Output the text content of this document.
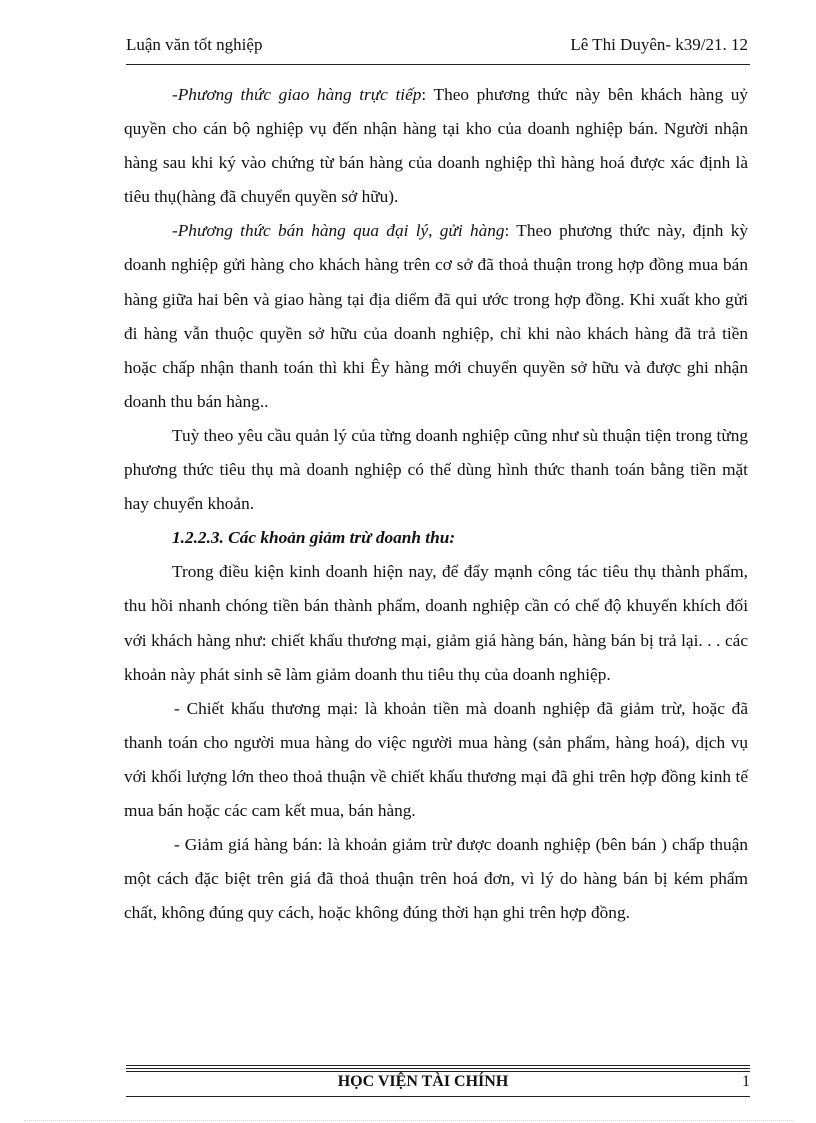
Luận văn tốt nghiệp	Lê Thi Duyên- k39/21. 12

-Phương thức giao hàng trực tiếp: Theo phương thức này bên khách hàng uỷ quyền cho cán bộ nghiệp vụ đến nhận hàng tại kho của doanh nghiệp bán. Người nhận hàng sau khi ký vào chứng từ bán hàng của doanh nghiệp thì hàng hoá được xác định là tiêu thụ(hàng đã chuyển quyền sở hữu).

-Phương thức bán hàng qua đại lý, gửi hàng: Theo phương thức này, định kỳ doanh nghiệp gửi hàng cho khách hàng trên cơ sở đã thoả thuận trong hợp đồng mua bán hàng giữa hai bên và giao hàng tại địa diểm đã qui ước trong hợp đồng. Khi xuất kho gửi đi hàng vẫn thuộc quyền sở hữu của doanh nghiệp, chỉ khi nào khách hàng đã trả tiền hoặc chấp nhận thanh toán thì khi Êy hàng mới chuyển quyền sở hữu và được ghi nhận doanh thu bán hàng..

Tuỳ theo yêu cầu quản lý của từng doanh nghiệp cũng như sù thuận tiện trong từng phương thức tiêu thụ mà doanh nghiệp có thể dùng hình thức thanh toán bằng tiền mặt hay chuyển khoản.

1.2.2.3. Các khoản giảm trừ doanh thu:

Trong điều kiện kinh doanh hiện nay, để đẩy mạnh công tác tiêu thụ thành phẩm, thu hồi nhanh chóng tiền bán thành phẩm, doanh nghiệp cần có chế độ khuyến khích đối với khách hàng như: chiết khấu thương mại, giảm giá hàng bán, hàng bán bị trả lại. . . các khoản này phát sinh sẽ làm giảm doanh thu tiêu thụ của doanh nghiệp.

- Chiết khấu thương mại: là khoản tiền mà doanh nghiệp đã giảm trừ, hoặc đã thanh toán cho người mua hàng do việc người mua hàng (sản phẩm, hàng hoá), dịch vụ với khối lượng lớn theo thoả thuận về chiết khấu thương mại đã ghi trên hợp đồng kinh tế mua bán hoặc các cam kết mua, bán hàng.

- Giảm giá hàng bán: là khoản giảm trừ được doanh nghiệp (bên bán ) chấp thuận một cách đặc biệt trên giá đã thoả thuận trên hoá đơn, vì lý do hàng bán bị kém phẩm chất, không đúng quy cách, hoặc không đúng thời hạn ghi trên hợp đồng.

HỌC VIỆN TÀI CHÍNH	1
